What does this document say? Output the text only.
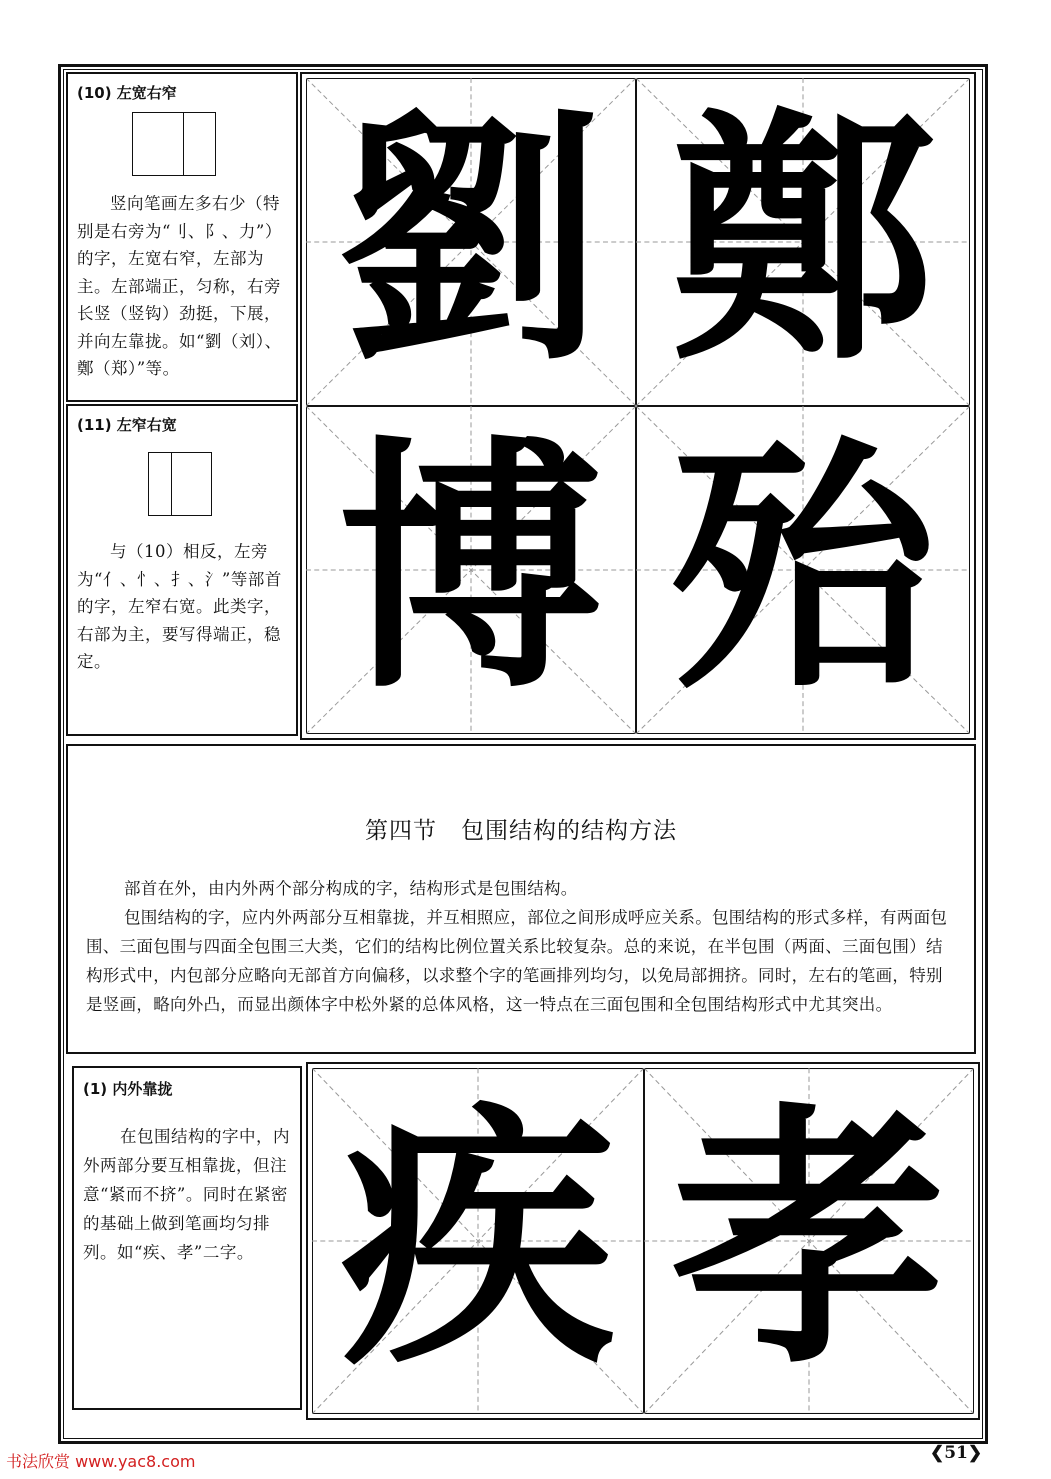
(10) 左宽右窄
竖向笔画左多右少（特别是右旁为“刂、阝、力”）的字，左宽右窄，左部为主。左部端正，匀称，右旁长竖（竖钩）劲挺，下展，并向左靠拢。如“劉（刘）、鄭（郑）”等。
(11) 左窄右宽
与（10）相反，左旁为“亻、忄、扌、氵”等部首的字，左窄右宽。此类字，右部为主，要写得端正，稳定。
劉 鄭
博 殆
第四节　包围结构的结构方法
部首在外，由内外两个部分构成的字，结构形式是包围结构。
包围结构的字，应内外两部分互相靠拢，并互相照应，部位之间形成呼应关系。包围结构的形式多样，有两面包围、三面包围与四面全包围三大类，它们的结构比例位置关系比较复杂。总的来说，在半包围（两面、三面包围）结构形式中，内包部分应略向无部首方向偏移，以求整个字的笔画排列均匀，以免局部拥挤。同时，左右的笔画，特别是竖画，略向外凸，而显出颜体字中松外紧的总体风格，这一特点在三面包围和全包围结构形式中尤其突出。
(1) 内外靠拢
在包围结构的字中，内外两部分要互相靠拢，但注意“紧而不挤”。同时在紧密的基础上做到笔画均匀排列。如“疾、孝”二字。 疾 孝
❮51❯
书法欣赏 www.yac8.com
